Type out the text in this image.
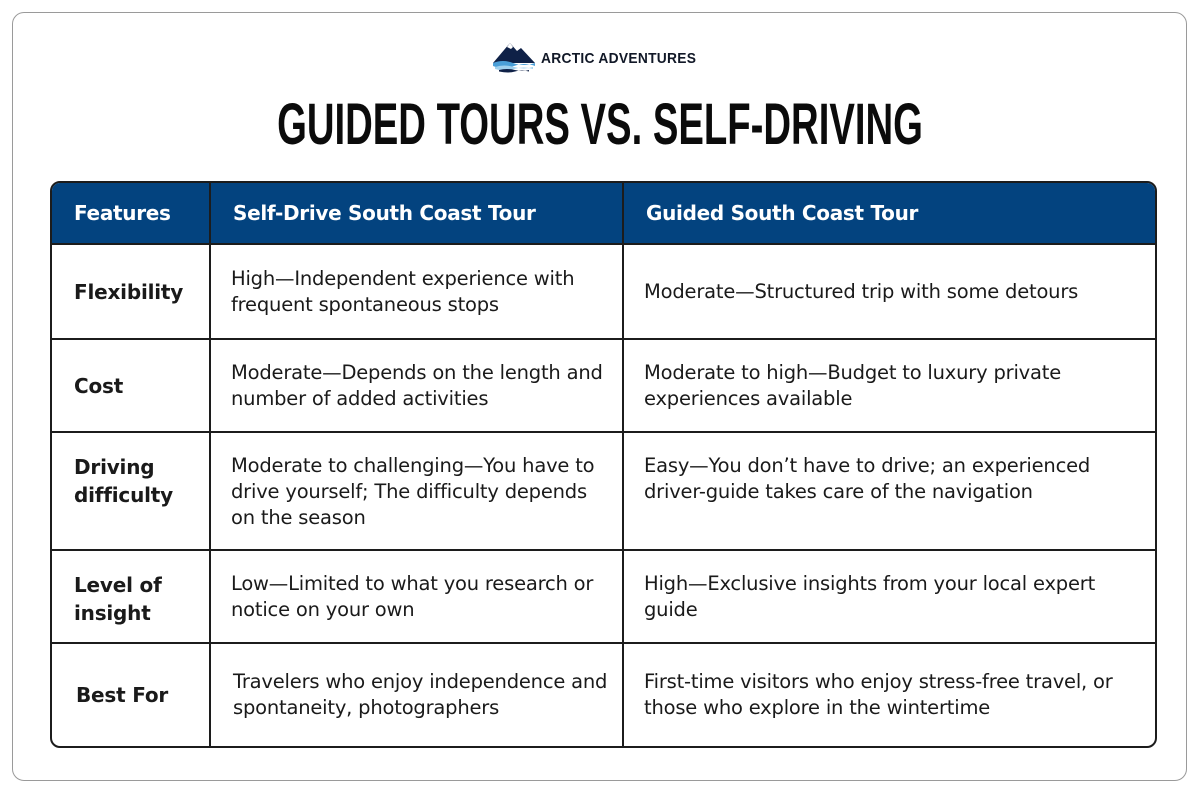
ARCTIC ADVENTURES
GUIDED TOURS VS. SELF-DRIVING
Features	Self-Drive South Coast Tour	Guided South Coast Tour
Flexibility	High—Independent experience with frequent spontaneous stops	Moderate—Structured trip with some detours
Cost	Moderate—Depends on the length and number of added activities	Moderate to high—Budget to luxury private experiences available
Driving difficulty	Moderate to challenging—You have to drive yourself; The difficulty depends on the season	Easy—You don’t have to drive; an experienced driver-guide takes care of the navigation
Level of insight	Low—Limited to what you research or notice on your own	High—Exclusive insights from your local expert guide
Best For	Travelers who enjoy independence and spontaneity, photographers	First-time visitors who enjoy stress-free travel, or those who explore in the wintertime
